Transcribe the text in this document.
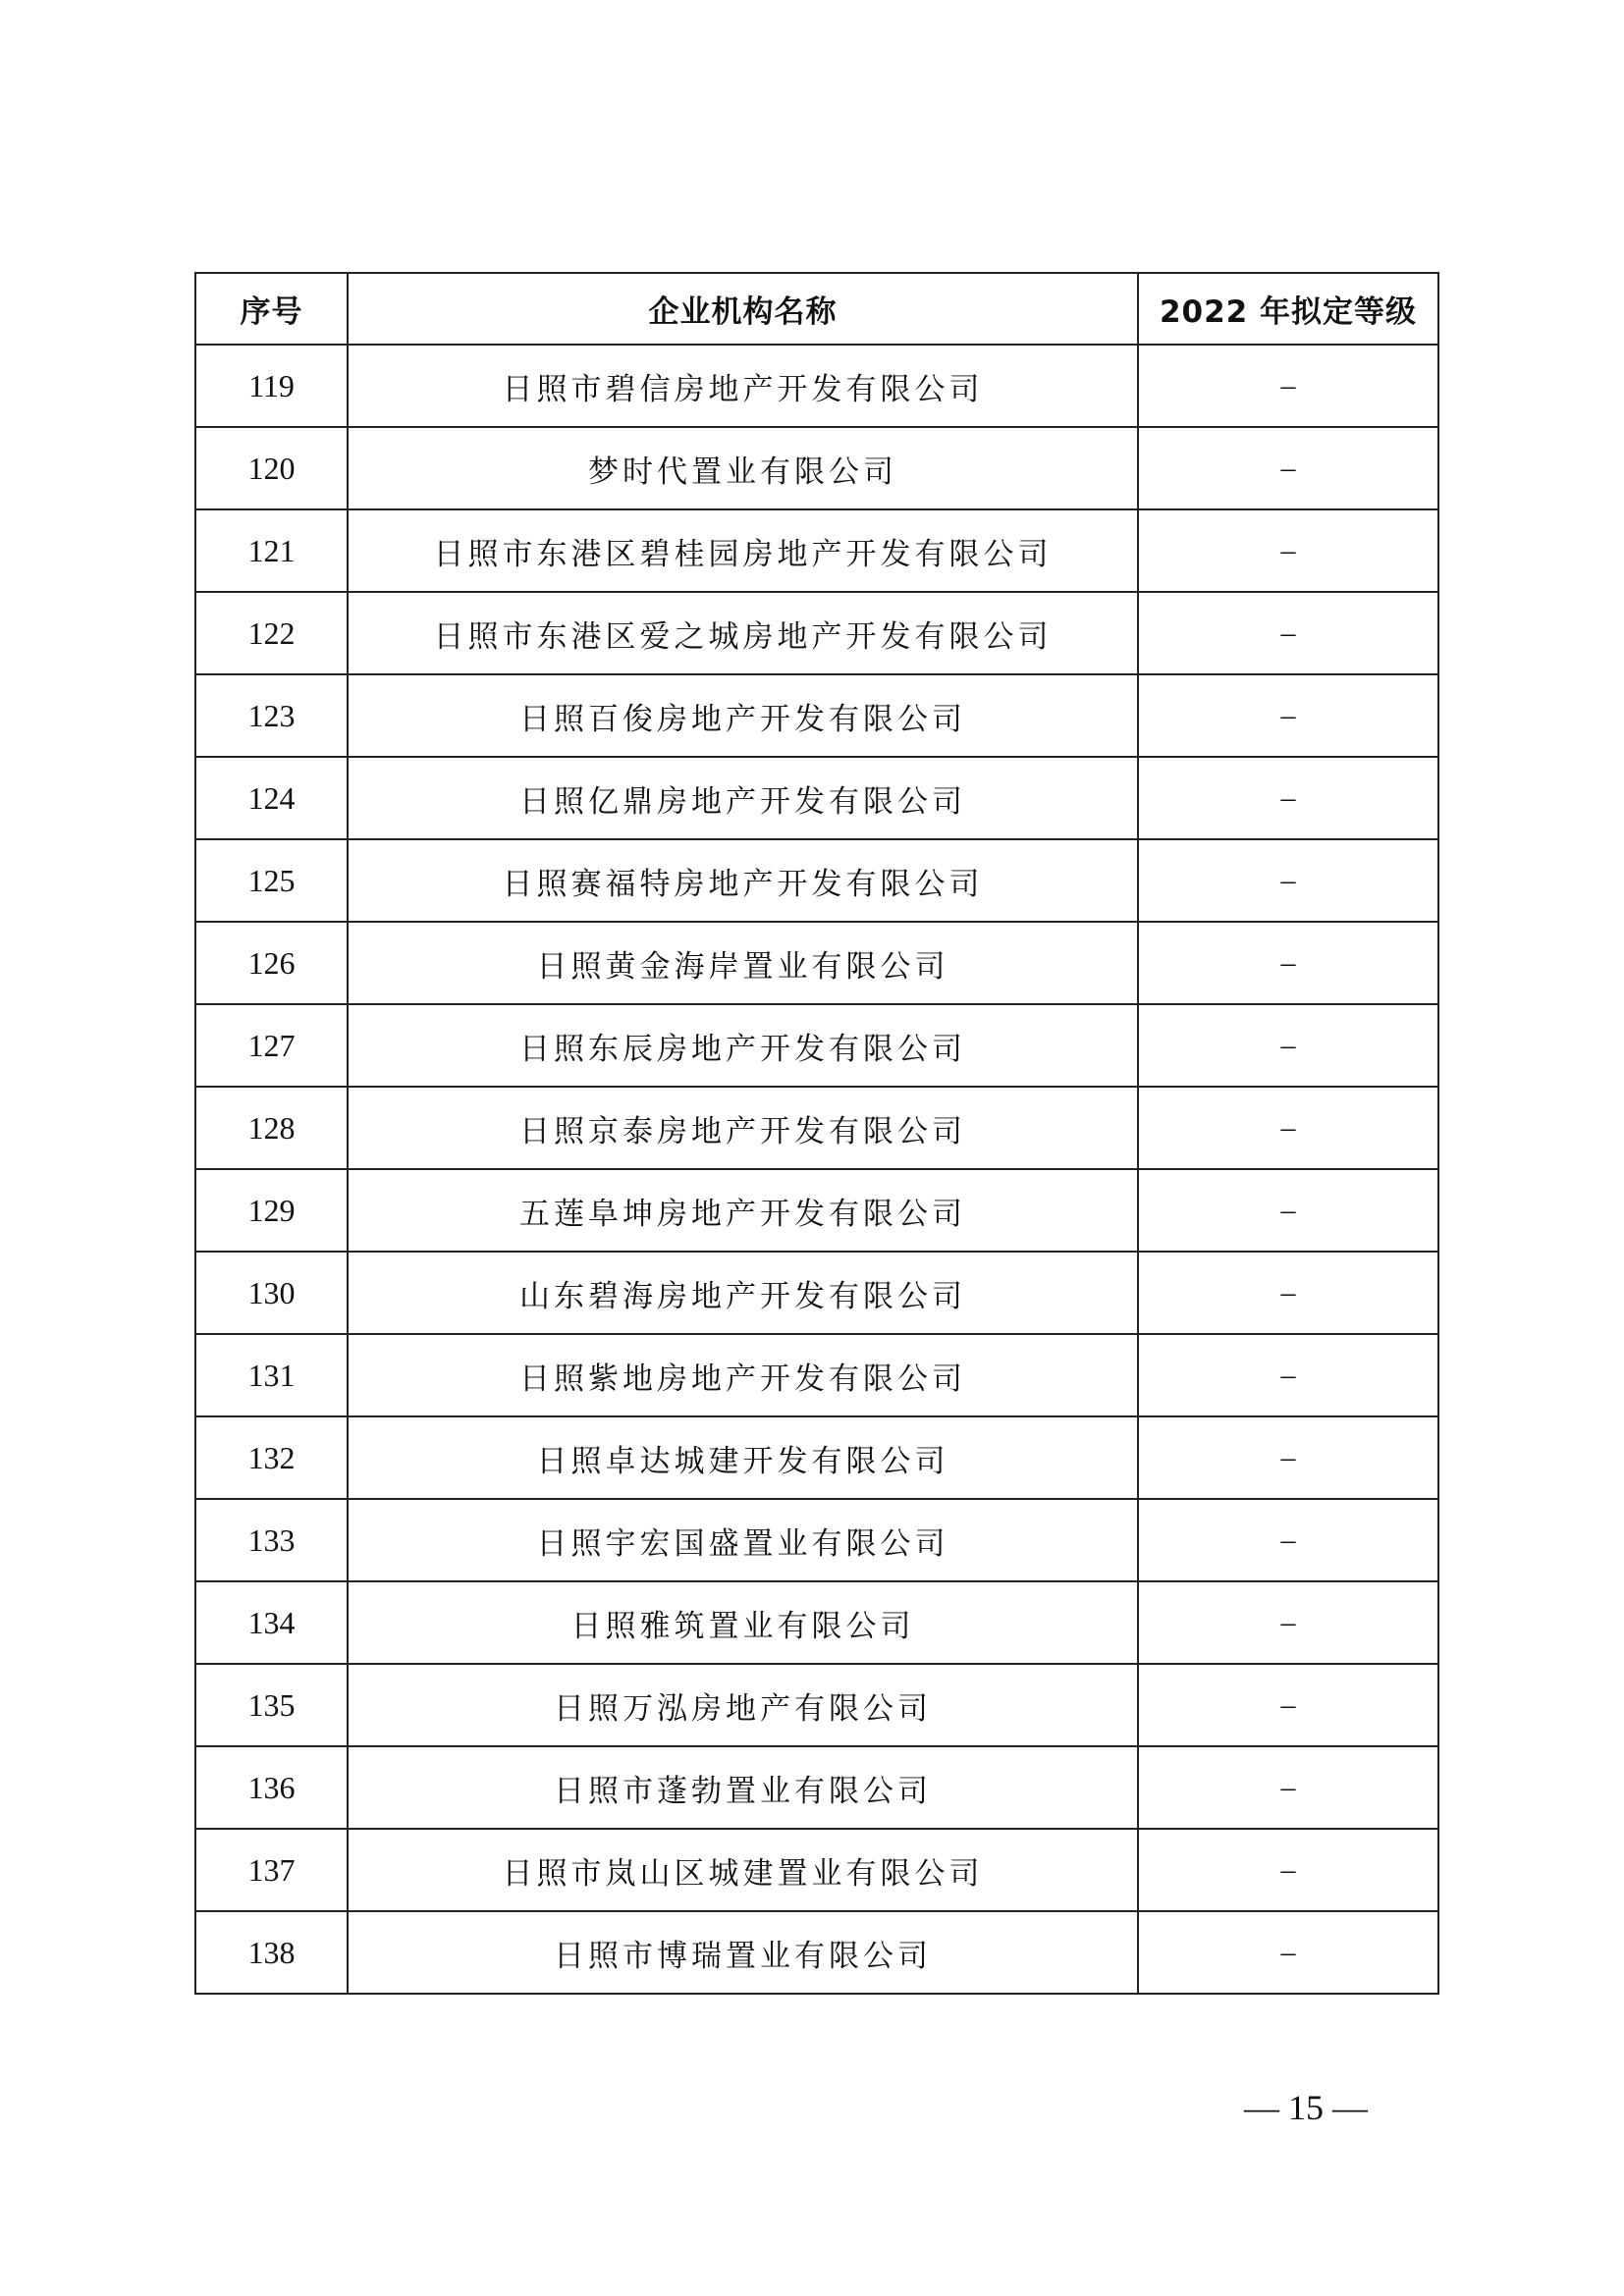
序号	企业机构名称	2022 年拟定等级
119	日照市碧信房地产开发有限公司	–
120	梦时代置业有限公司	–
121	日照市东港区碧桂园房地产开发有限公司	–
122	日照市东港区爱之城房地产开发有限公司	–
123	日照百俊房地产开发有限公司	–
124	日照亿鼎房地产开发有限公司	–
125	日照赛福特房地产开发有限公司	–
126	日照黄金海岸置业有限公司	–
127	日照东辰房地产开发有限公司	–
128	日照京泰房地产开发有限公司	–
129	五莲阜坤房地产开发有限公司	–
130	山东碧海房地产开发有限公司	–
131	日照紫地房地产开发有限公司	–
132	日照卓达城建开发有限公司	–
133	日照宇宏国盛置业有限公司	–
134	日照雅筑置业有限公司	–
135	日照万泓房地产有限公司	–
136	日照市蓬勃置业有限公司	–
137	日照市岚山区城建置业有限公司	–
138	日照市博瑞置业有限公司	–
— 15 —
